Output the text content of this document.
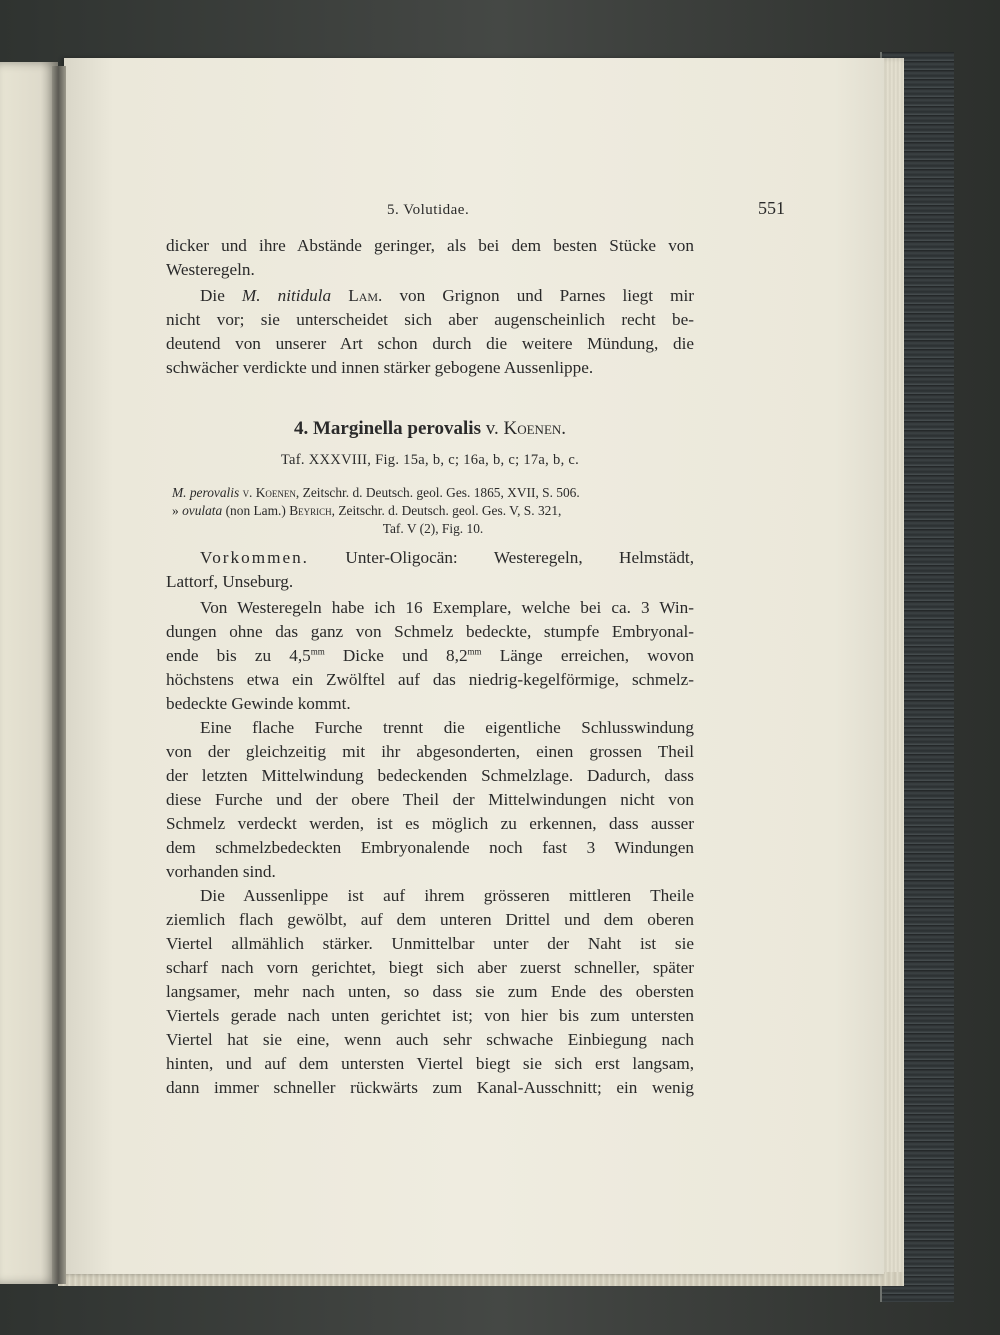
5. Volutidae.	551
dicker und ihre Abstände geringer, als bei dem besten Stücke von
Westeregeln.
Die M. nitidula Lam. von Grignon und Parnes liegt mir
nicht vor; sie unterscheidet sich aber augenscheinlich recht be-
deutend von unserer Art schon durch die weitere Mündung, die
schwächer verdickte und innen stärker gebogene Aussenlippe.
4. Marginella perovalis v. Koenen.
Taf. XXXVIII, Fig. 15a, b, c; 16a, b, c; 17a, b, c.
M. perovalis v. Koenen, Zeitschr. d. Deutsch. geol. Ges. 1865, XVII, S. 506.
» ovulata (non Lam.) Beyrich, Zeitschr. d. Deutsch. geol. Ges. V, S. 321,
Taf. V (2), Fig. 10.
Vorkommen. Unter-Oligocän: Westeregeln, Helmstädt,
Lattorf, Unseburg.
Von Westeregeln habe ich 16 Exemplare, welche bei ca. 3 Win-
dungen ohne das ganz von Schmelz bedeckte, stumpfe Embryonal-
ende bis zu $4,5^{mm}$ Dicke und $8,2^{mm}$ Länge erreichen, wovon
höchstens etwa ein Zwölftel auf das niedrig-kegelförmige, schmelz-
bedeckte Gewinde kommt.
Eine flache Furche trennt die eigentliche Schlusswindung
von der gleichzeitig mit ihr abgesonderten, einen grossen Theil
der letzten Mittelwindung bedeckenden Schmelzlage. Dadurch, dass
diese Furche und der obere Theil der Mittelwindungen nicht von
Schmelz verdeckt werden, ist es möglich zu erkennen, dass ausser
dem schmelzbedeckten Embryonalende noch fast 3 Windungen
vorhanden sind.
Die Aussenlippe ist auf ihrem grösseren mittleren Theile
ziemlich flach gewölbt, auf dem unteren Drittel und dem oberen
Viertel allmählich stärker. Unmittelbar unter der Naht ist sie
scharf nach vorn gerichtet, biegt sich aber zuerst schneller, später
langsamer, mehr nach unten, so dass sie zum Ende des obersten
Viertels gerade nach unten gerichtet ist; von hier bis zum untersten
Viertel hat sie eine, wenn auch sehr schwache Einbiegung nach
hinten, und auf dem untersten Viertel biegt sie sich erst langsam,
dann immer schneller rückwärts zum Kanal-Ausschnitt; ein wenig
